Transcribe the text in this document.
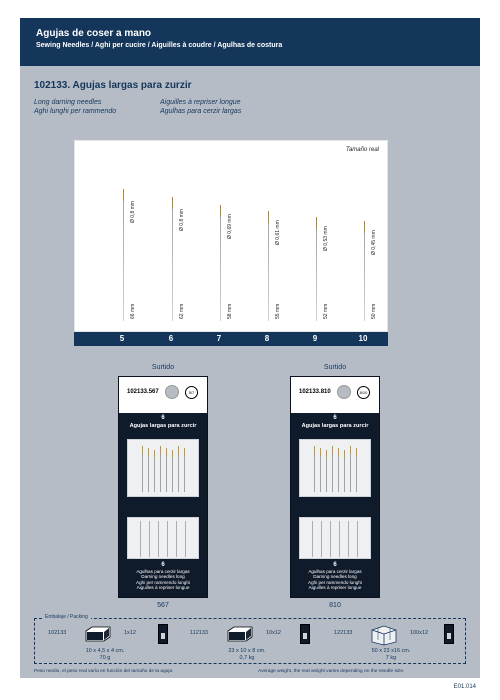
Agujas de coser a mano
Sewing Needles / Aghi per cucire / Aiguilles à coudre / Agulhas de costura
102133. Agujas largas para zurzir
Long darning needles
Aghi lunghi per rammendo
Aiguilles à repriser longue
Agulhas para cerzir largas
Tamaño real
Ø 0,8 mm
66 mm
Ø 0,8 mm
62 mm
Ø 0,69 mm
58 mm
Ø 0,61 mm
55 mm
Ø 0,53 mm
52 mm
Ø 0,45 mm
50 mm
5	6	7	8	9	10
Surtido
102133.567	5/7
6
Agujas largas para zurcir
6
Agulhas para cerzir largas
Darning needles long
Aghi per rammendo lunghi
Aiguilles à repriser longue
567
Surtido
102133.810	8/10
6
Agujas largas para zurcir
6
Agulhas para cerzir largas
Darning needles long
Aghi per rammendo lunghi
Aiguilles à repriser longue
810
Embalaje / Packing
102133	1x12
10 x 4,5 x 4 cm.
70 g
112133	10x12
23 x 10 x 8 cm.
0,7 kg
122133	100x12
50 x 23 x16 cm.
7 kg
Peso medio, el peso real varía en función del tamaño de la aguja	Average weight, the real weight varies depending on the needle size.
E01.014
